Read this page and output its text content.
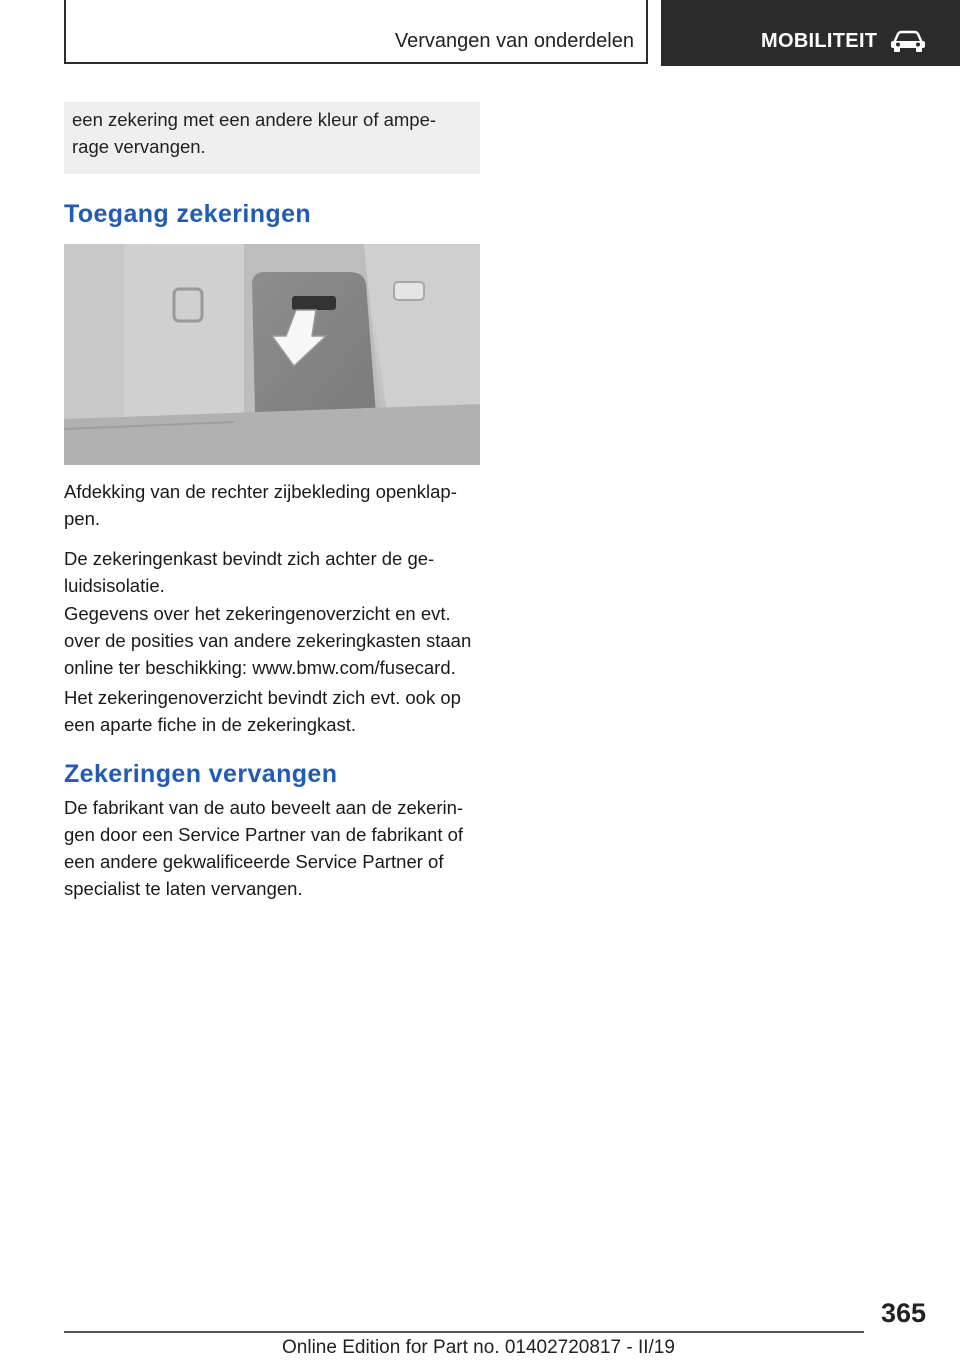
Vervangen van onderdelen	MOBILITEIT
een zekering met een andere kleur of ampe-rage vervangen.
Toegang zekeringen

Afdekking van de rechter zijbekleding openklap-pen.

De zekeringenkast bevindt zich achter de ge-luidsisolatie.

Gegevens over het zekeringenoverzicht en evt. over de posities van andere zekeringkasten staan online ter beschikking: www.bmw.com/fusecard.

Het zekeringenoverzicht bevindt zich evt. ook op een aparte fiche in de zekeringkast.

Zekeringen vervangen

De fabrikant van de auto beveelt aan de zekerin-gen door een Service Partner van de fabrikant of een andere gekwalificeerde Service Partner of specialist te laten vervangen.

365
Online Edition for Part no. 01402720817 - II/19
